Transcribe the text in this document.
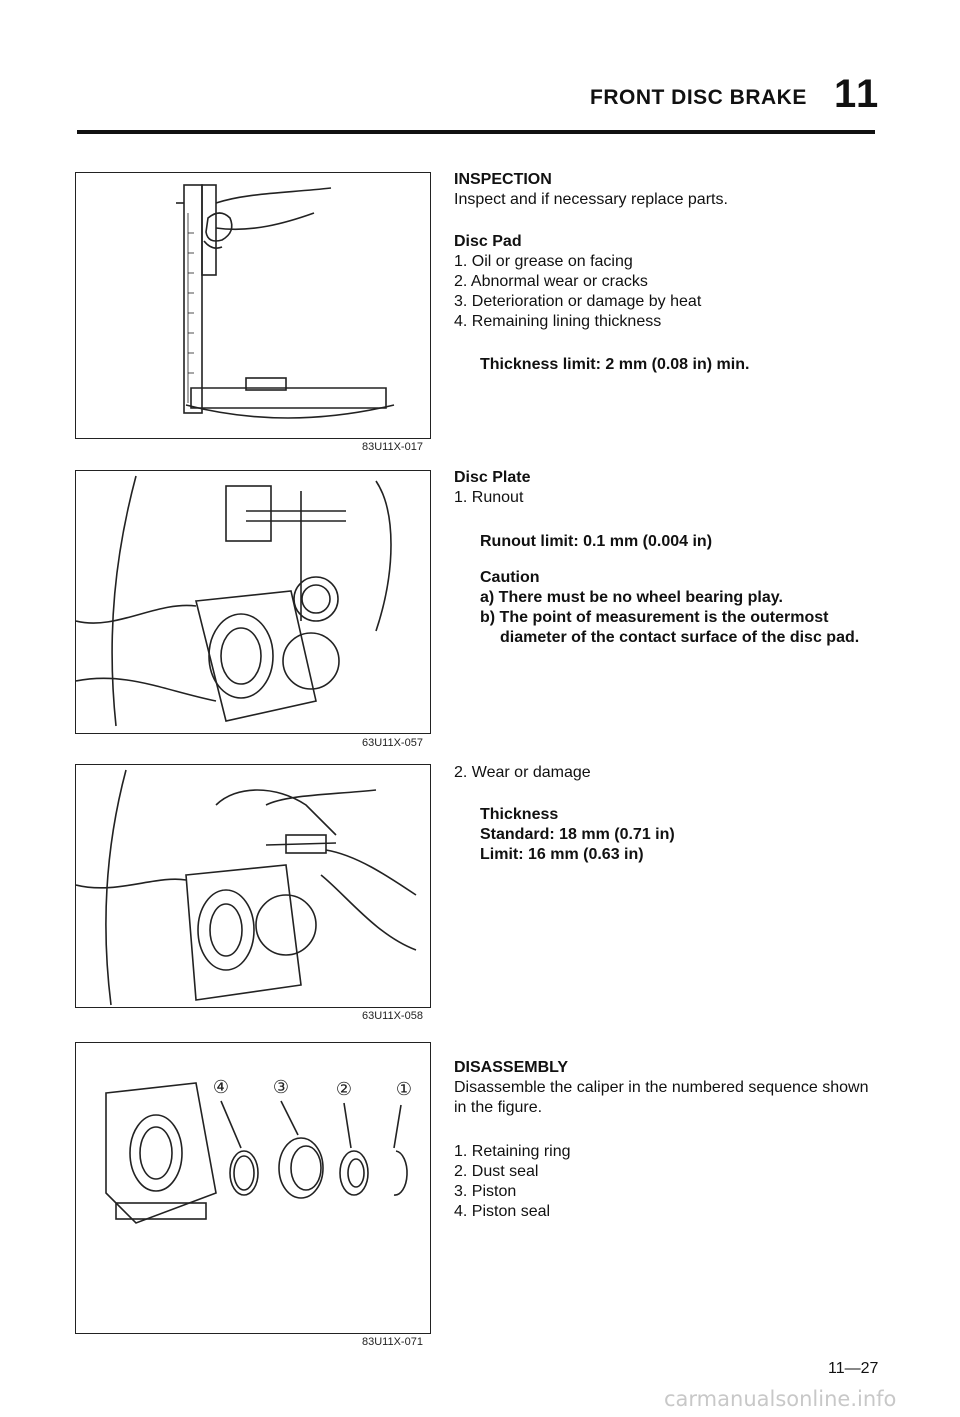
FRONT DISC BRAKE 11
83U11X-017
63U11X-057
63U11X-058
④ ③	② ①
83U11X-071

INSPECTION

Inspect and if necessary replace parts.

Disc Pad

1. Oil or grease on facing

2. Abnormal wear or cracks

3. Deterioration or damage by heat

4. Remaining lining thickness

Thickness limit: 2 mm (0.08 in) min.

Disc Plate

1. Runout

Runout limit: 0.1 mm (0.004 in)

Caution

a) There must be no wheel bearing play.

b) The point of measurement is the outermost diameter of the contact surface of the disc pad.

2. Wear or damage

Thickness

Standard: 18 mm (0.71 in)

Limit: 16 mm (0.63 in)

DISASSEMBLY

Disassemble the caliper in the numbered sequence shown in the figure.

1. Retaining ring

2. Dust seal

3. Piston

4. Piston seal

11—27
carmanualsonline.info
